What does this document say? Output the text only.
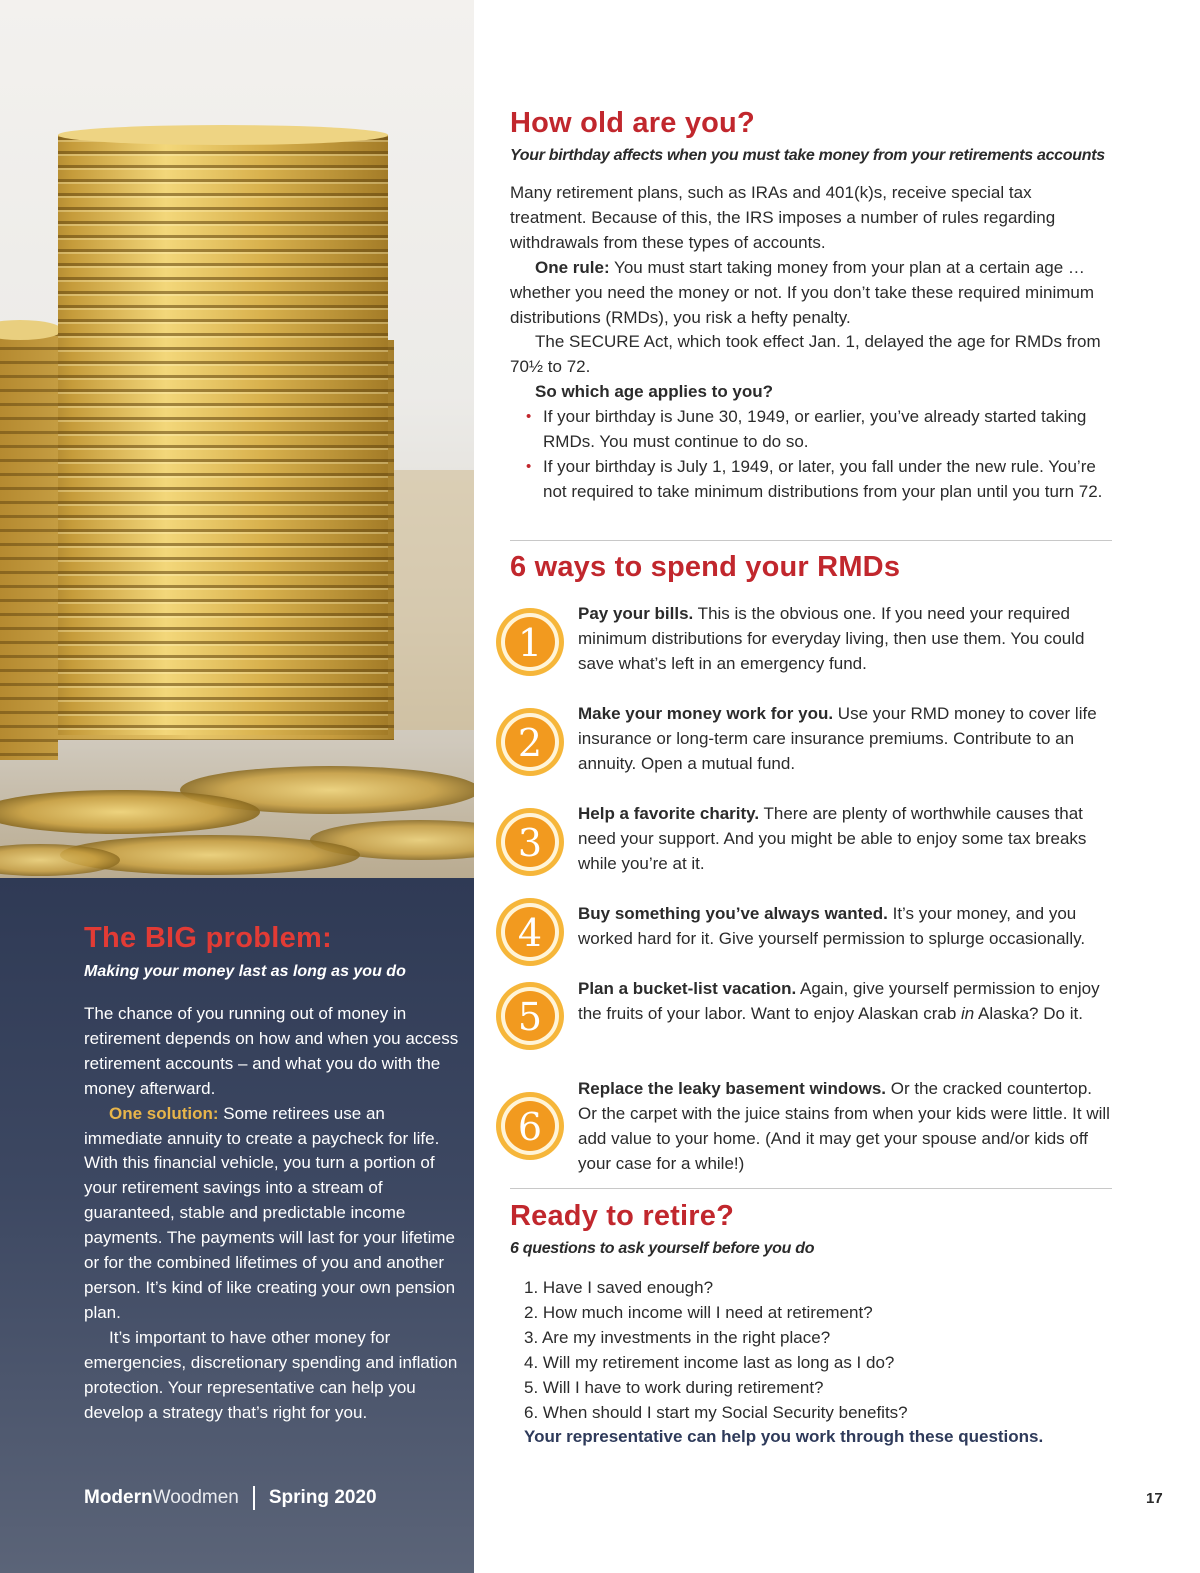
The BIG problem:

Making your money last as long as you do

The chance of you running out of money in retirement depends on how and when you access retirement accounts – and what you do with the money afterward.

One solution: Some retirees use an immediate annuity to create a paycheck for life. With this financial vehicle, you turn a portion of your retirement savings into a stream of guaranteed, stable and predictable income payments. The payments will last for your lifetime or for the combined lifetimes of you and another person. It’s kind of like creating your own pension plan.

It’s important to have other money for emergencies, discretionary spending and inflation protection. Your representative can help you develop a strategy that’s right for you.

Modern Woodmen Spring 2020
How old are you?

Your birthday affects when you must take money from your retirements accounts

Many retirement plans, such as IRAs and 401(k)s, receive special tax treatment. Because of this, the IRS imposes a number of rules regarding withdrawals from these types of accounts.

One rule: You must start taking money from your plan at a certain age … whether you need the money or not. If you don’t take these required minimum distributions (RMDs), you risk a hefty penalty.

The SECURE Act, which took effect Jan. 1, delayed the age for RMDs from 70½ to 72.

So which age applies to you?

• If your birthday is June 30, 1949, or earlier, you’ve already started taking RMDs. You must continue to do so.
• If your birthday is July 1, 1949, or later, you fall under the new rule. You’re not required to take minimum distributions from your plan until you turn 72.
6 ways to spend your RMDs
1
Pay your bills. This is the obvious one. If you need your required minimum distributions for everyday living, then use them. You could save what’s left in an emergency fund.
2
Make your money work for you. Use your RMD money to cover life insurance or long-term care insurance premiums. Contribute to an annuity. Open a mutual fund.
3
Help a favorite charity. There are plenty of worthwhile causes that need your support. And you might be able to enjoy some tax breaks while you’re at it.
4 Buy something you’ve always wanted. It’s your money, and you worked hard for it. Give yourself permission to splurge occasionally.
5
Plan a bucket-list vacation. Again, give yourself permission to enjoy the fruits of your labor. Want to enjoy Alaskan crab in Alaska? Do it.
6
Replace the leaky basement windows. Or the cracked countertop. Or the carpet with the juice stains from when your kids were little. It will add value to your home. (And it may get your spouse and/or kids off your case for a while!)
Ready to retire?

6 questions to ask yourself before you do

1. Have I saved enough?
2. How much income will I need at retirement?
3. Are my investments in the right place?
4. Will my retirement income last as long as I do?
5. Will I have to work during retirement?
6. When should I start my Social Security benefits?
Your representative can help you work through these questions.
17
